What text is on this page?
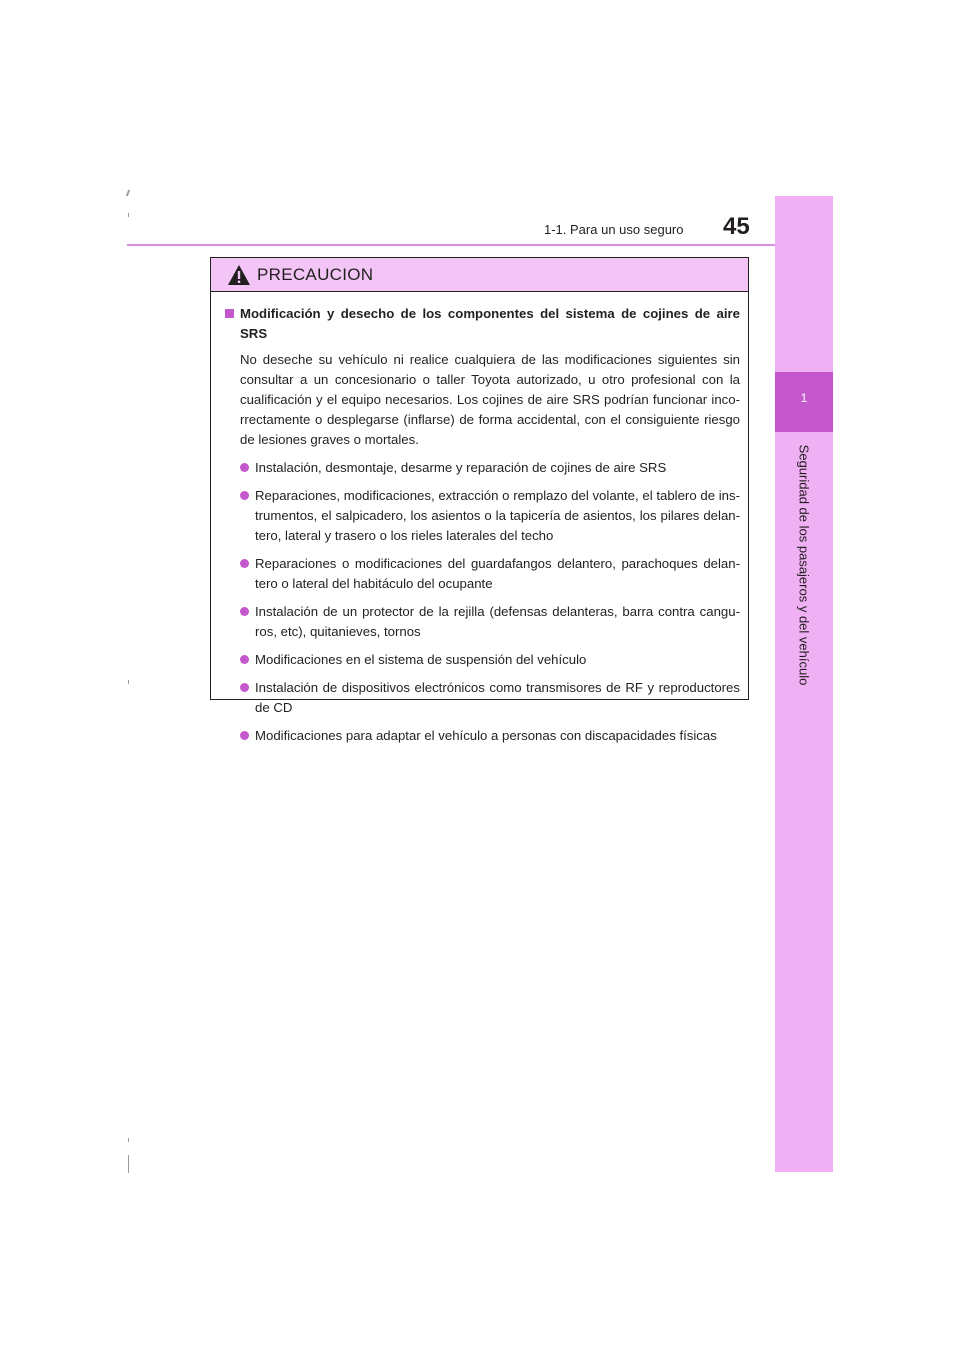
1-1. Para un uso seguro 45
1
Seguridad de los pasajeros y del vehículo
PRECAUCION
Modificación y desecho de los componentes del sistema de cojines de aire SRS
No deseche su vehículo ni realice cualquiera de las modificaciones siguientes sin consultar a un concesionario o taller Toyota autorizado, u otro profesional con la cualificación y el equipo necesarios. Los cojines de aire SRS podrían funcionar inco-rrectamente o desplegarse (inflarse) de forma accidental, con el consiguiente riesgo de lesiones graves o mortales.
Instalación, desmontaje, desarme y reparación de cojines de aire SRS
Reparaciones, modificaciones, extracción o remplazo del volante, el tablero de ins-trumentos, el salpicadero, los asientos o la tapicería de asientos, los pilares delan-tero, lateral y trasero o los rieles laterales del techo
Reparaciones o modificaciones del guardafangos delantero, parachoques delan-tero o lateral del habitáculo del ocupante
Instalación de un protector de la rejilla (defensas delanteras, barra contra cangu-ros, etc), quitanieves, tornos
Modificaciones en el sistema de suspensión del vehículo
Instalación de dispositivos electrónicos como transmisores de RF y reproductores de CD
Modificaciones para adaptar el vehículo a personas con discapacidades físicas
